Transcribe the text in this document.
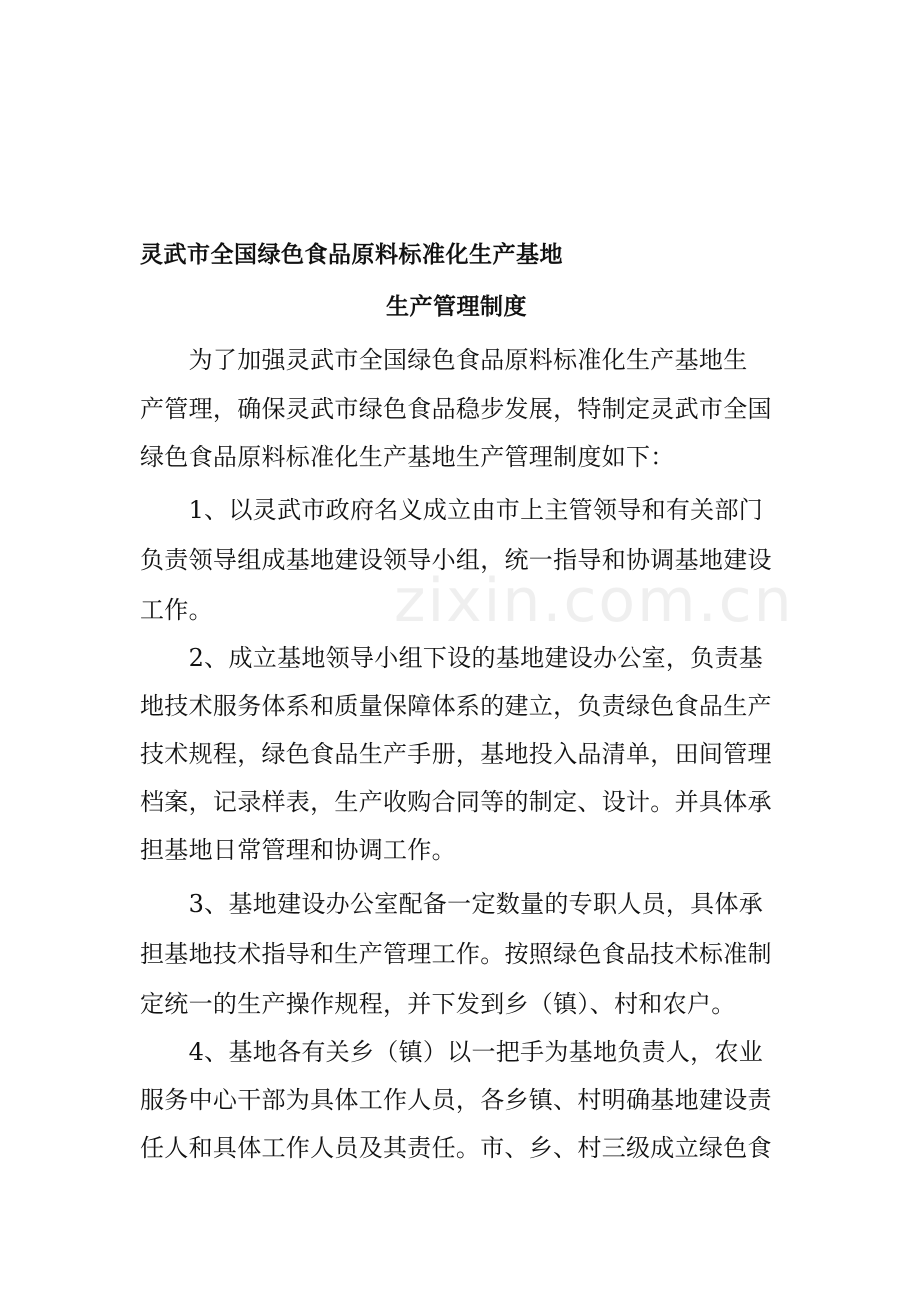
灵武市全国绿色食品原料标准化生产基地
生产管理制度
　　为了加强灵武市全国绿色食品原料标准化生产基地生
产管理，确保灵武市绿色食品稳步发展，特制定灵武市全国
绿色食品原料标准化生产基地生产管理制度如下：
　　1、以灵武市政府名义成立由市上主管领导和有关部门
负责领导组成基地建设领导小组，统一指导和协调基地建设
工作。
　　2、成立基地领导小组下设的基地建设办公室，负责基
地技术服务体系和质量保障体系的建立，负责绿色食品生产
技术规程，绿色食品生产手册，基地投入品清单，田间管理
档案，记录样表，生产收购合同等的制定、设计。并具体承
担基地日常管理和协调工作。
　　3、基地建设办公室配备一定数量的专职人员，具体承
担基地技术指导和生产管理工作。按照绿色食品技术标准制
定统一的生产操作规程，并下发到乡（镇）、村和农户。
　　4、基地各有关乡（镇）以一把手为基地负责人，农业
服务中心干部为具体工作人员，各乡镇、村明确基地建设责
任人和具体工作人员及其责任。市、乡、村三级成立绿色食
zixin.com.cn
